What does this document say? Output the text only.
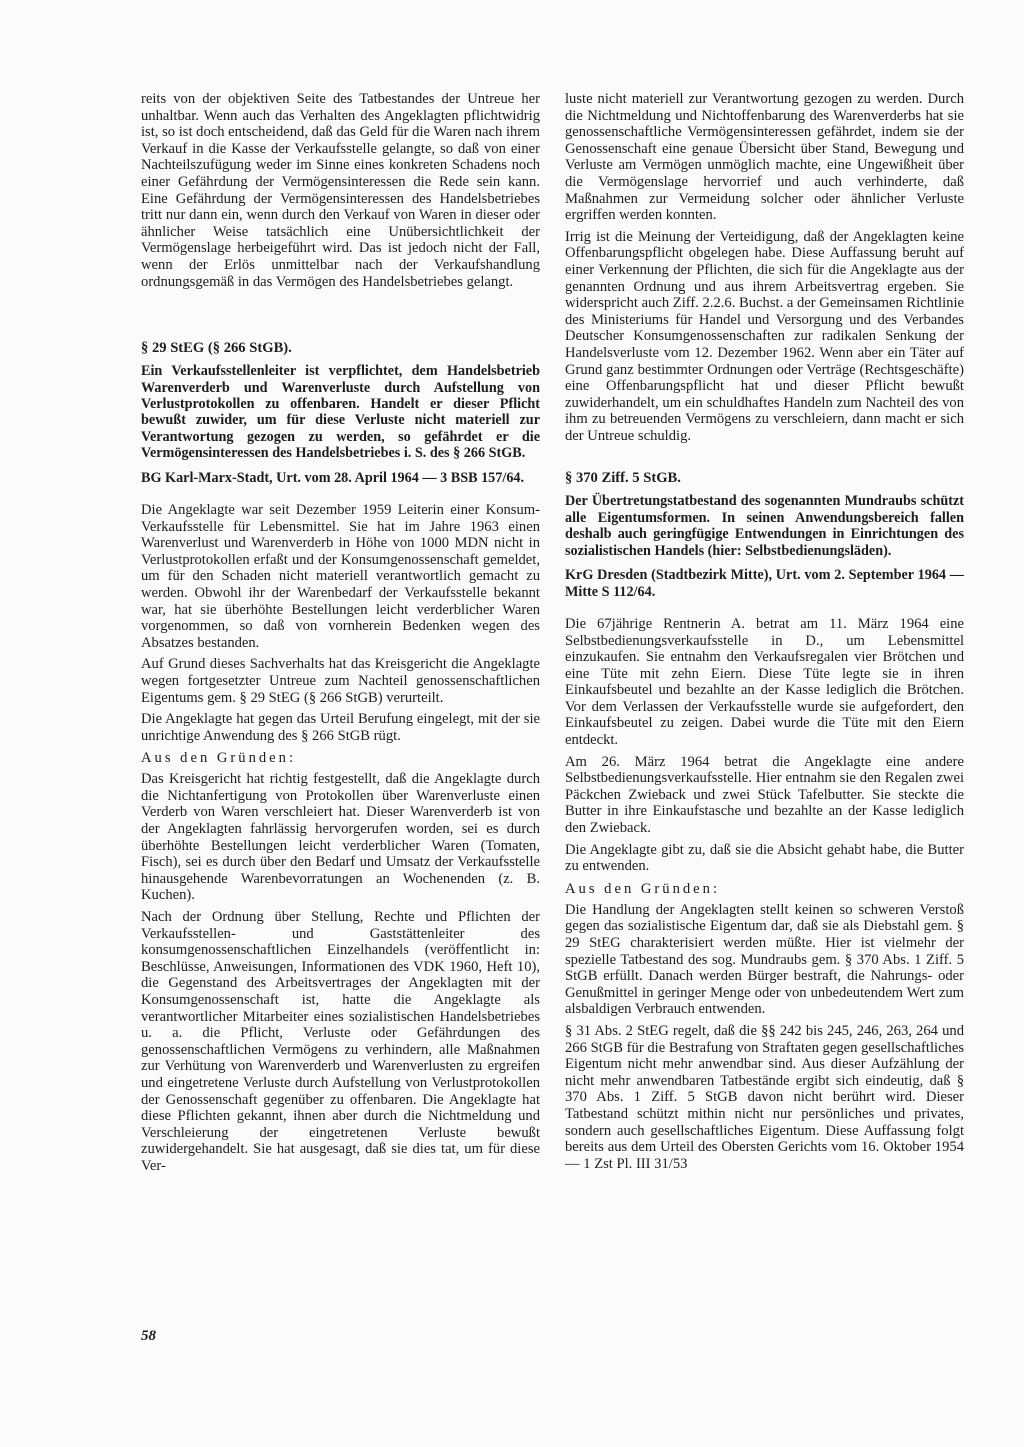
reits von der objektiven Seite des Tatbestandes der Untreue her unhaltbar. Wenn auch das Verhalten des Angeklagten pflichtwidrig ist, so ist doch entscheidend, daß das Geld für die Waren nach ihrem Verkauf in die Kasse der Verkaufsstelle gelangte, so daß von einer Nachteilszufügung weder im Sinne eines konkreten Schadens noch einer Gefährdung der Vermögensinteressen die Rede sein kann. Eine Gefährdung der Vermögensinteressen des Handelsbetriebes tritt nur dann ein, wenn durch den Verkauf von Waren in dieser oder ähnlicher Weise tatsächlich eine Unübersichtlichkeit der Vermögenslage herbeigeführt wird. Das ist jedoch nicht der Fall, wenn der Erlös unmittelbar nach der Verkaufshandlung ordnungsgemäß in das Vermögen des Handelsbetriebes gelangt.

§ 29 StEG (§ 266 StGB).

Ein Verkaufsstellenleiter ist verpflichtet, dem Handelsbetrieb Warenverderb und Warenverluste durch Aufstellung von Verlustprotokollen zu offenbaren. Handelt er dieser Pflicht bewußt zuwider, um für diese Verluste nicht materiell zur Verantwortung gezogen zu werden, so gefährdet er die Vermögensinteressen des Handelsbetriebes i. S. des § 266 StGB.

BG Karl-Marx-Stadt, Urt. vom 28. April 1964 — 3 BSB 157/64.

Die Angeklagte war seit Dezember 1959 Leiterin einer Konsum-Verkaufsstelle für Lebensmittel. Sie hat im Jahre 1963 einen Warenverlust und Warenverderb in Höhe von 1000 MDN nicht in Verlustprotokollen erfaßt und der Konsumgenossenschaft gemeldet, um für den Schaden nicht materiell verantwortlich gemacht zu werden. Obwohl ihr der Warenbedarf der Verkaufsstelle bekannt war, hat sie überhöhte Bestellungen leicht verderblicher Waren vorgenommen, so daß von vornherein Bedenken wegen des Absatzes bestanden.

Auf Grund dieses Sachverhalts hat das Kreisgericht die Angeklagte wegen fortgesetzter Untreue zum Nachteil genossenschaftlichen Eigentums gem. § 29 StEG (§ 266 StGB) verurteilt.

Die Angeklagte hat gegen das Urteil Berufung eingelegt, mit der sie unrichtige Anwendung des § 266 StGB rügt.

Aus den Gründen:

Das Kreisgericht hat richtig festgestellt, daß die Angeklagte durch die Nichtanfertigung von Protokollen über Warenverluste einen Verderb von Waren verschleiert hat. Dieser Warenverderb ist von der Angeklagten fahrlässig hervorgerufen worden, sei es durch überhöhte Bestellungen leicht verderblicher Waren (Tomaten, Fisch), sei es durch über den Bedarf und Umsatz der Verkaufsstelle hinausgehende Warenbevorratungen an Wochenenden (z. B. Kuchen).

Nach der Ordnung über Stellung, Rechte und Pflichten der Verkaufsstellen- und Gaststättenleiter des konsumgenossenschaftlichen Einzelhandels (veröffentlicht in: Beschlüsse, Anweisungen, Informationen des VDK 1960, Heft 10), die Gegenstand des Arbeitsvertrages der Angeklagten mit der Konsumgenossenschaft ist, hatte die Angeklagte als verantwortlicher Mitarbeiter eines sozialistischen Handelsbetriebes u. a. die Pflicht, Verluste oder Gefährdungen des genossenschaftlichen Vermögens zu verhindern, alle Maßnahmen zur Verhütung von Warenverderb und Warenverlusten zu ergreifen und eingetretene Verluste durch Aufstellung von Verlustprotokollen der Genossenschaft gegenüber zu offenbaren. Die Angeklagte hat diese Pflichten gekannt, ihnen aber durch die Nichtmeldung und Verschleierung der eingetretenen Verluste bewußt zuwidergehandelt. Sie hat ausgesagt, daß sie dies tat, um für diese Ver-

luste nicht materiell zur Verantwortung gezogen zu werden. Durch die Nichtmeldung und Nichtoffenbarung des Warenverderbs hat sie genossenschaftliche Vermögensinteressen gefährdet, indem sie der Genossenschaft eine genaue Übersicht über Stand, Bewegung und Verluste am Vermögen unmöglich machte, eine Ungewißheit über die Vermögenslage hervorrief und auch verhinderte, daß Maßnahmen zur Vermeidung solcher oder ähnlicher Verluste ergriffen werden konnten.

Irrig ist die Meinung der Verteidigung, daß der Angeklagten keine Offenbarungspflicht obgelegen habe. Diese Auffassung beruht auf einer Verkennung der Pflichten, die sich für die Angeklagte aus der genannten Ordnung und aus ihrem Arbeitsvertrag ergeben. Sie widerspricht auch Ziff. 2.2.6. Buchst. a der Gemeinsamen Richtlinie des Ministeriums für Handel und Versorgung und des Verbandes Deutscher Konsumgenossenschaften zur radikalen Senkung der Handelsverluste vom 12. Dezember 1962. Wenn aber ein Täter auf Grund ganz bestimmter Ordnungen oder Verträge (Rechtsgeschäfte) eine Offenbarungspflicht hat und dieser Pflicht bewußt zuwiderhandelt, um ein schuldhaftes Handeln zum Nachteil des von ihm zu betreuenden Vermögens zu verschleiern, dann macht er sich der Untreue schuldig.

§ 370 Ziff. 5 StGB.

Der Übertretungstatbestand des sogenannten Mundraubs schützt alle Eigentumsformen. In seinen Anwendungsbereich fallen deshalb auch geringfügige Entwendungen in Einrichtungen des sozialistischen Handels (hier: Selbstbedienungsläden).

KrG Dresden (Stadtbezirk Mitte), Urt. vom 2. September 1964 — Mitte S 112/64.

Die 67jährige Rentnerin A. betrat am 11. März 1964 eine Selbstbedienungsverkaufsstelle in D., um Lebensmittel einzukaufen. Sie entnahm den Verkaufsregalen vier Brötchen und eine Tüte mit zehn Eiern. Diese Tüte legte sie in ihren Einkaufsbeutel und bezahlte an der Kasse lediglich die Brötchen. Vor dem Verlassen der Verkaufsstelle wurde sie aufgefordert, den Einkaufsbeutel zu zeigen. Dabei wurde die Tüte mit den Eiern entdeckt.

Am 26. März 1964 betrat die Angeklagte eine andere Selbstbedienungsverkaufsstelle. Hier entnahm sie den Regalen zwei Päckchen Zwieback und zwei Stück Tafelbutter. Sie steckte die Butter in ihre Einkaufstasche und bezahlte an der Kasse lediglich den Zwieback.

Die Angeklagte gibt zu, daß sie die Absicht gehabt habe, die Butter zu entwenden.

Aus den Gründen:

Die Handlung der Angeklagten stellt keinen so schweren Verstoß gegen das sozialistische Eigentum dar, daß sie als Diebstahl gem. § 29 StEG charakterisiert werden müßte. Hier ist vielmehr der spezielle Tatbestand des sog. Mundraubs gem. § 370 Abs. 1 Ziff. 5 StGB erfüllt. Danach werden Bürger bestraft, die Nahrungs- oder Genußmittel in geringer Menge oder von unbedeutendem Wert zum alsbaldigen Verbrauch entwenden.

§ 31 Abs. 2 StEG regelt, daß die §§ 242 bis 245, 246, 263, 264 und 266 StGB für die Bestrafung von Straftaten gegen gesellschaftliches Eigentum nicht mehr anwendbar sind. Aus dieser Aufzählung der nicht mehr anwendbaren Tatbestände ergibt sich eindeutig, daß § 370 Abs. 1 Ziff. 5 StGB davon nicht berührt wird. Dieser Tatbestand schützt mithin nicht nur persönliches und privates, sondern auch gesellschaftliches Eigentum. Diese Auffassung folgt bereits aus dem Urteil des Obersten Gerichts vom 16. Oktober 1954 — 1 Zst Pl. III 31/53

58
